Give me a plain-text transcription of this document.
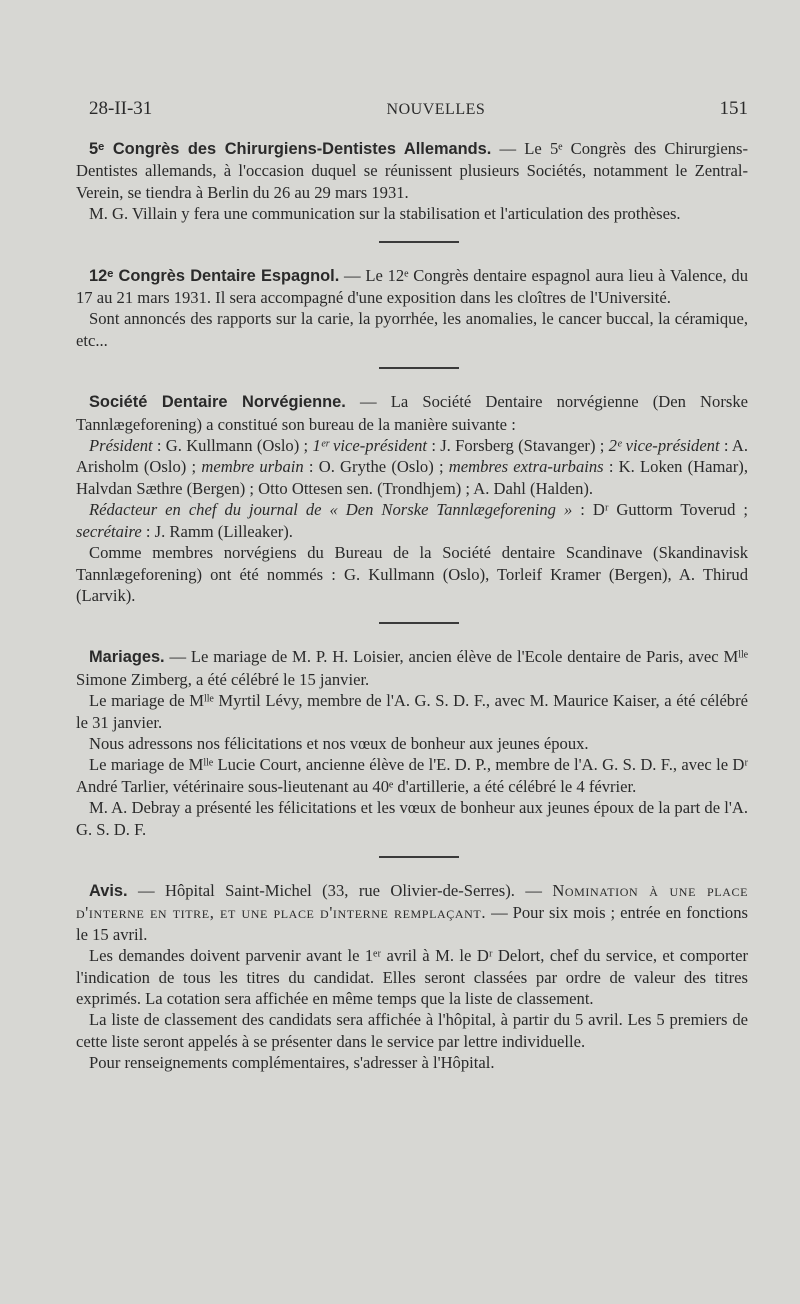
28-II-31	NOUVELLES	151

5ᵉ Congrès des Chirurgiens-Dentistes Allemands. — Le 5ᵉ Congrès des Chirurgiens-Dentistes allemands, à l'occasion duquel se réunissent plusieurs Sociétés, notamment le Zentral-Verein, se tiendra à Berlin du 26 au 29 mars 1931.

M. G. Villain y fera une communication sur la stabilisation et l'articulation des prothèses.

12ᵉ Congrès Dentaire Espagnol. — Le 12ᵉ Congrès dentaire espagnol aura lieu à Valence, du 17 au 21 mars 1931. Il sera accompagné d'une exposition dans les cloîtres de l'Université.

Sont annoncés des rapports sur la carie, la pyorrhée, les anomalies, le cancer buccal, la céramique, etc...

Société Dentaire Norvégienne. — La Société Dentaire norvégienne (Den Norske Tannlægeforening) a constitué son bureau de la manière suivante :

Président : G. Kullmann (Oslo) ; 1ᵉʳ vice-président : J. Forsberg (Stavanger) ; 2ᵉ vice-président : A. Arisholm (Oslo) ; membre urbain : O. Grythe (Oslo) ; membres extra-urbains : K. Loken (Hamar), Halvdan Sæthre (Bergen) ; Otto Ottesen sen. (Trondhjem) ; A. Dahl (Halden).

Rédacteur en chef du journal de « Den Norske Tannlægeforening » : Dʳ Guttorm Toverud ; secrétaire : J. Ramm (Lilleaker).

Comme membres norvégiens du Bureau de la Société dentaire Scandinave (Skandinavisk Tannlægeforening) ont été nommés : G. Kullmann (Oslo), Torleif Kramer (Bergen), A. Thirud (Larvik).

Mariages. — Le mariage de M. P. H. Loisier, ancien élève de l'Ecole dentaire de Paris, avec Mˡˡᵉ Simone Zimberg, a été célébré le 15 janvier.

Le mariage de Mˡˡᵉ Myrtil Lévy, membre de l'A. G. S. D. F., avec M. Maurice Kaiser, a été célébré le 31 janvier.

Nous adressons nos félicitations et nos vœux de bonheur aux jeunes époux.

Le mariage de Mˡˡᵉ Lucie Court, ancienne élève de l'E. D. P., membre de l'A. G. S. D. F., avec le Dʳ André Tarlier, vétérinaire sous-lieutenant au 40ᵉ d'artillerie, a été célébré le 4 février.

M. A. Debray a présenté les félicitations et les vœux de bonheur aux jeunes époux de la part de l'A. G. S. D. F.

Avis. — Hôpital Saint-Michel (33, rue Olivier-de-Serres). — Nomination à une place d'interne en titre, et une place d'interne remplaçant. — Pour six mois ; entrée en fonctions le 15 avril.

Les demandes doivent parvenir avant le 1ᵉʳ avril à M. le Dʳ Delort, chef du service, et comporter l'indication de tous les titres du candidat. Elles seront classées par ordre de valeur des titres exprimés. La cotation sera affichée en même temps que la liste de classement.

La liste de classement des candidats sera affichée à l'hôpital, à partir du 5 avril. Les 5 premiers de cette liste seront appelés à se présenter dans le service par lettre individuelle.

Pour renseignements complémentaires, s'adresser à l'Hôpital.
